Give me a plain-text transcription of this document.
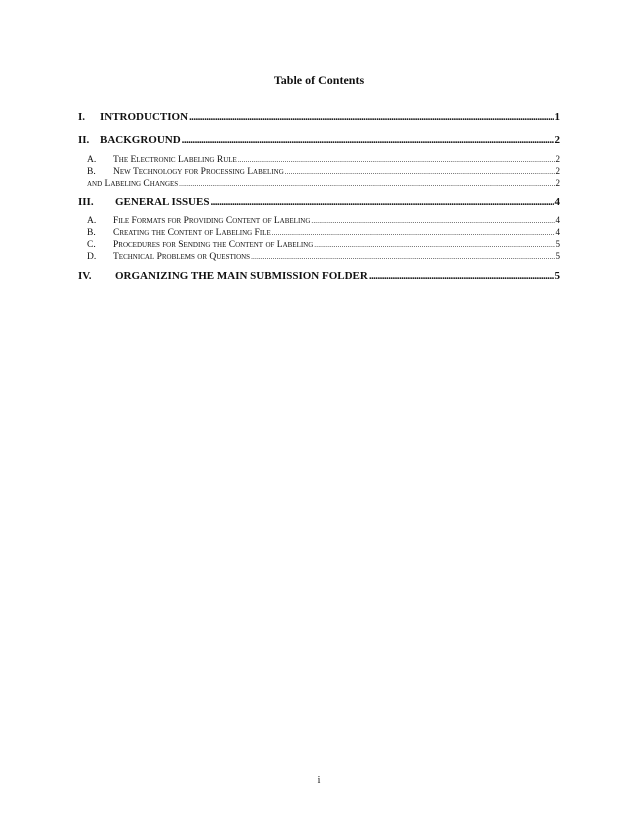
Table of Contents
I.	INTRODUCTION .....	1
II. BACKGROUND .....	2
A.	The Electronic Labeling Rule .....	2
B.	New Technology for Processing Labeling .....	2
and Labeling Changes .....	2
III.	GENERAL ISSUES .....	4
A.	File Formats for Providing Content of Labeling .....	4
B.	Creating the Content of Labeling File .....	4
C.	Procedures for Sending the Content of Labeling .....	5
D.	Technical Problems or Questions .....	5
IV.	ORGANIZING THE MAIN SUBMISSION FOLDER .....	5
i
